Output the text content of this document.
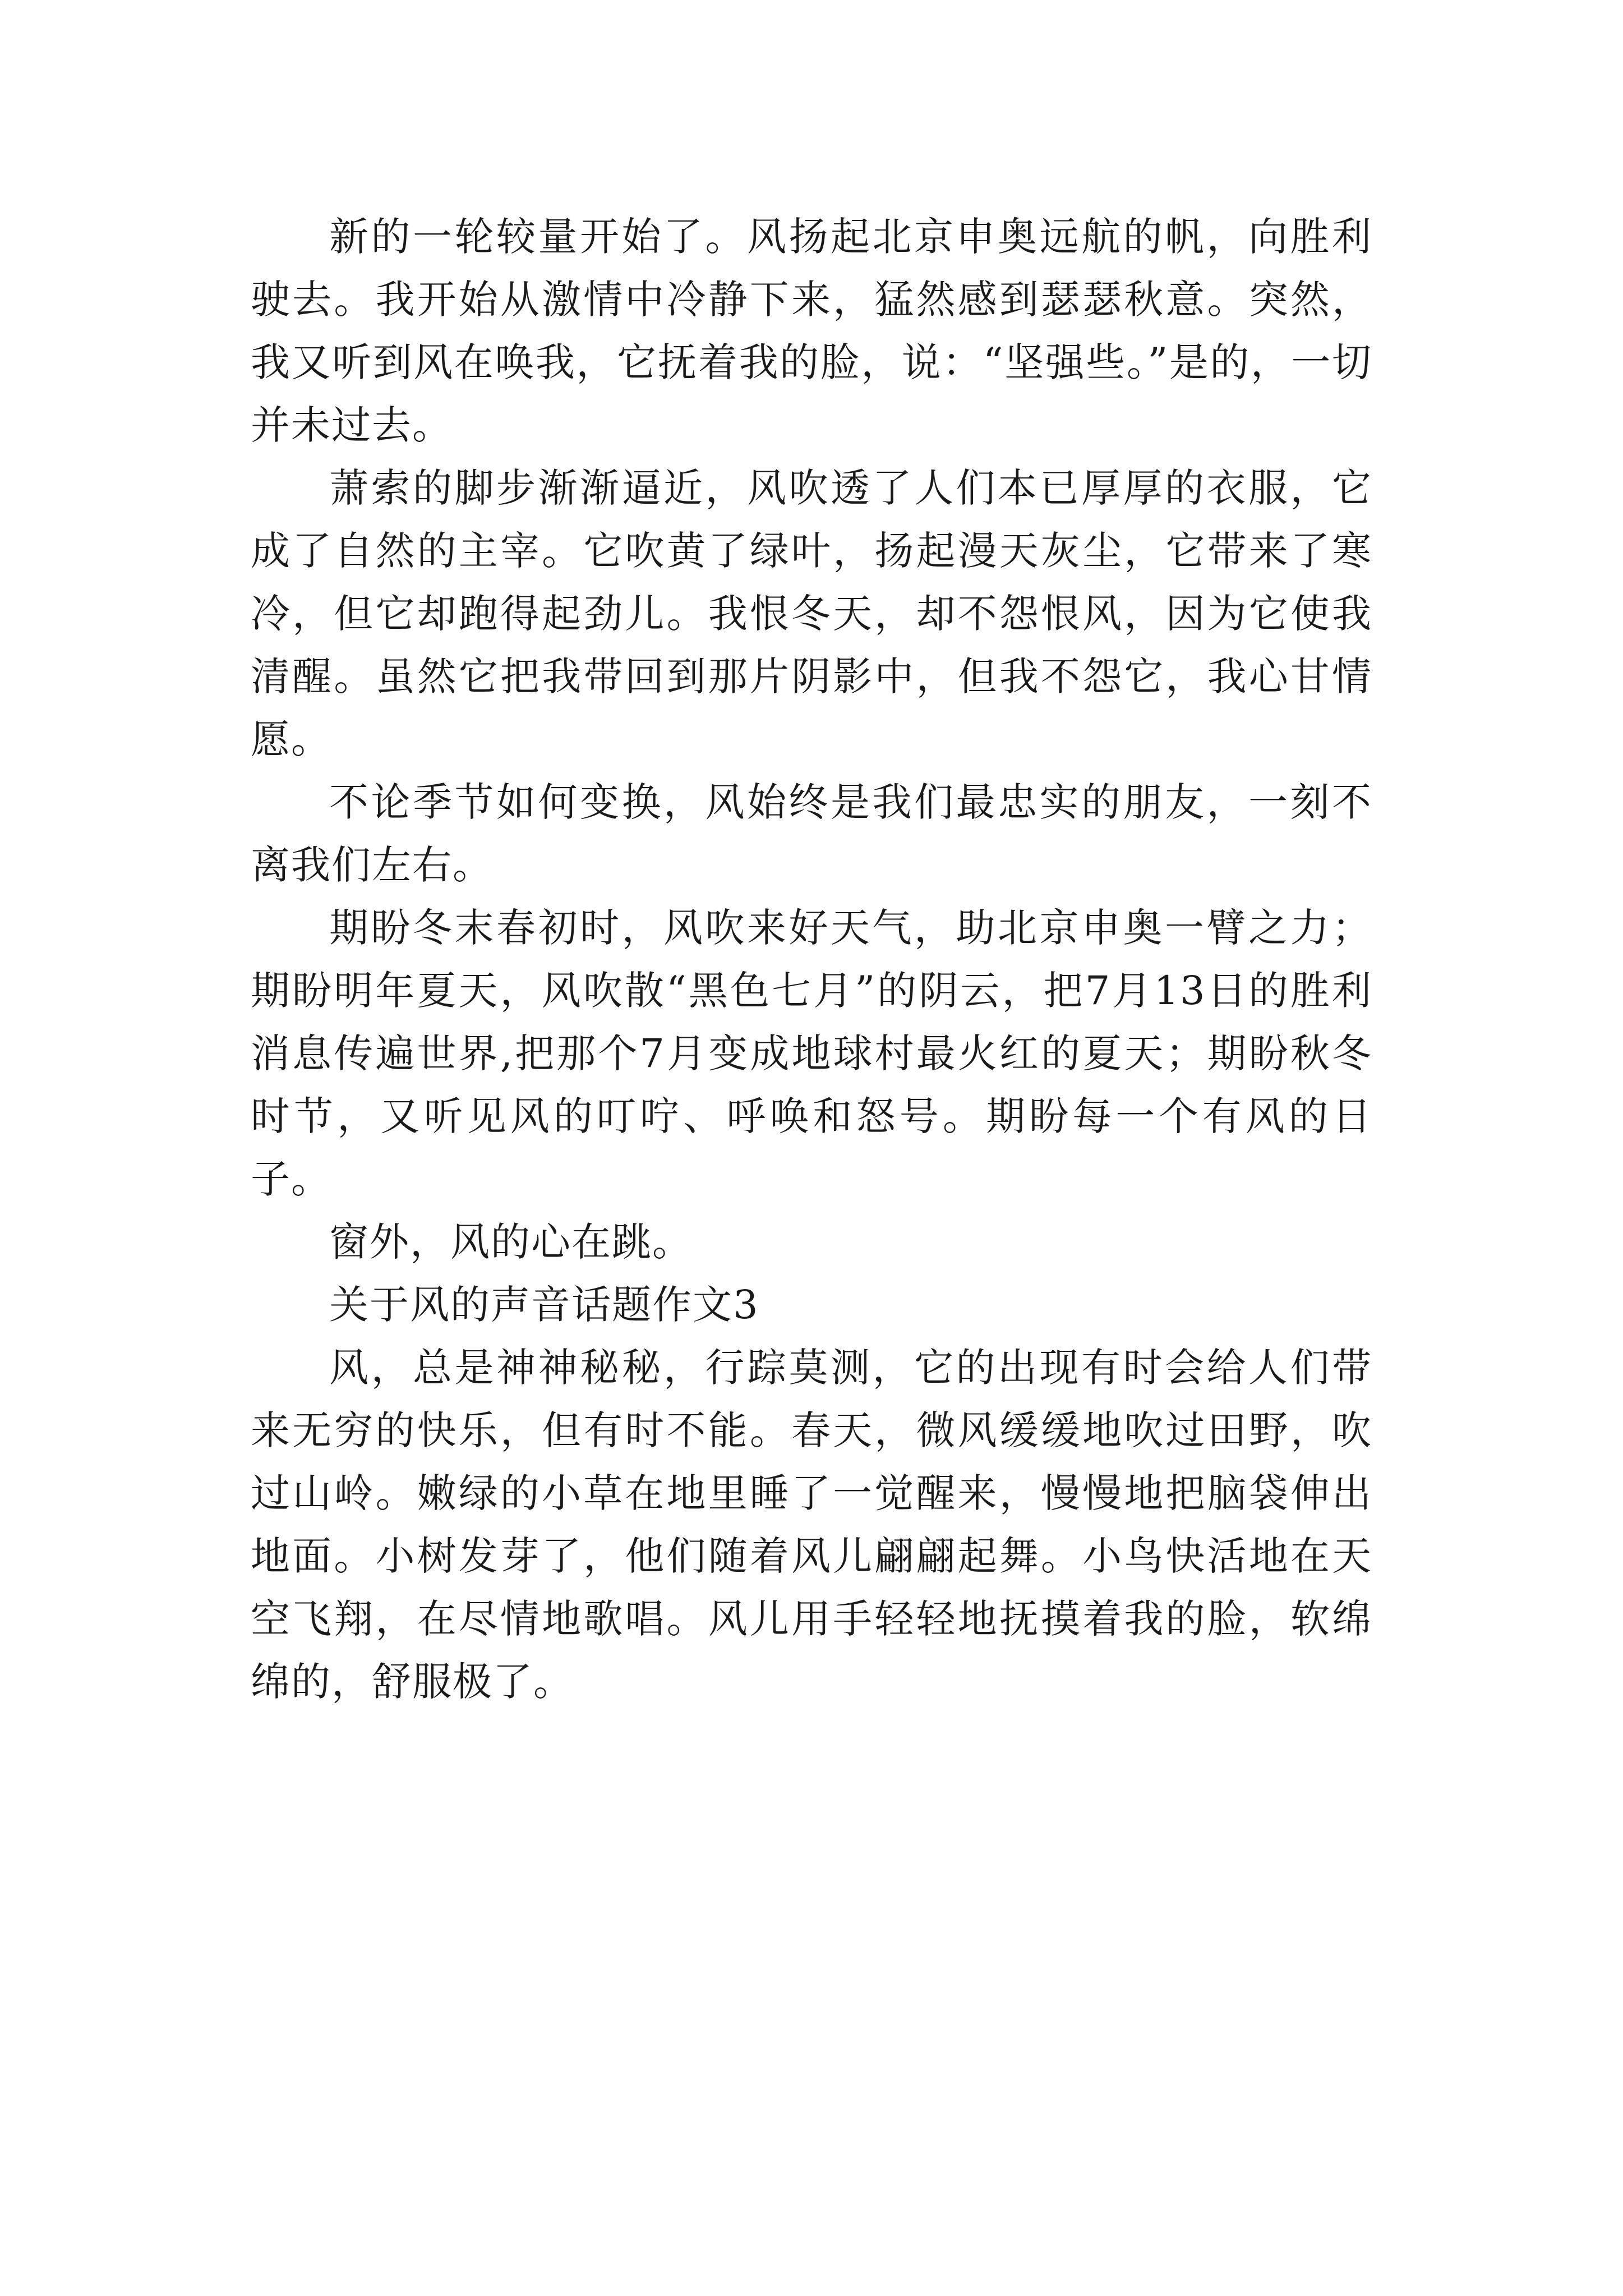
新的一轮较量开始了。风扬起北京申奥远航的帆，向胜利驶去。我开始从激情中冷静下来，猛然感到瑟瑟秋意。突然，我又听到风在唤我，它抚着我的脸，说：“坚强些。”是的，一切并未过去。

萧索的脚步渐渐逼近，风吹透了人们本已厚厚的衣服，它成了自然的主宰。它吹黄了绿叶，扬起漫天灰尘，它带来了寒冷，但它却跑得起劲儿。我恨冬天，却不怨恨风，因为它使我清醒。虽然它把我带回到那片阴影中，但我不怨它，我心甘情愿。

不论季节如何变换，风始终是我们最忠实的朋友，一刻不离我们左右。

期盼冬末春初时，风吹来好天气，助北京申奥一臂之力；期盼明年夏天，风吹散“黑色七月”的阴云，把7月13日的胜利消息传遍世界,把那个7月变成地球村最火红的夏天；期盼秋冬时节，又听见风的叮咛、呼唤和怒号。期盼每一个有风的日子。

窗外，风的心在跳。

关于风的声音话题作文3

风，总是神神秘秘，行踪莫测，它的出现有时会给人们带来无穷的快乐，但有时不能。春天，微风缓缓地吹过田野，吹过山岭。嫩绿的小草在地里睡了一觉醒来，慢慢地把脑袋伸出地面。小树发芽了，他们随着风儿翩翩起舞。小鸟快活地在天空飞翔，在尽情地歌唱。风儿用手轻轻地抚摸着我的脸，软绵绵的，舒服极了。
